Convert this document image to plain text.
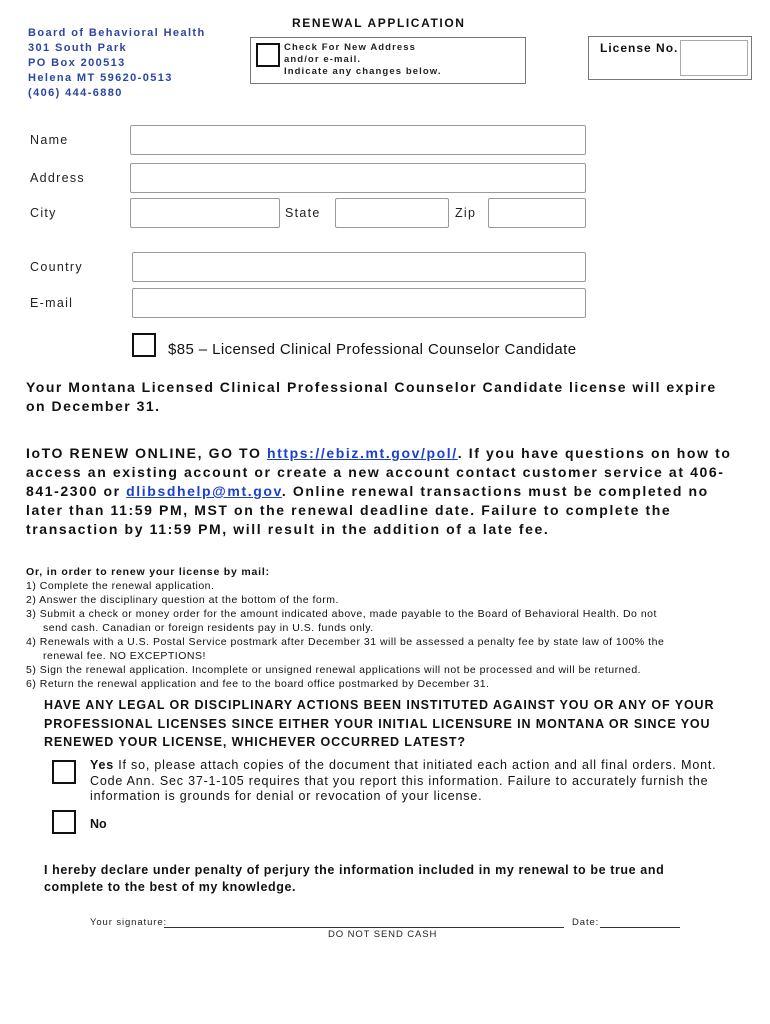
Board of Behavioral Health
301 South Park
PO Box 200513
Helena MT 59620-0513
(406) 444-6880
RENEWAL APPLICATION
Check For New Address
and/or e-mail.
Indicate any changes below.
License No.
Name
Address
City	State	Zip
Country
E-mail
$85 – Licensed Clinical Professional Counselor Candidate
Your Montana Licensed Clinical Professional Counselor Candidate license will expire on December 31.
IoTO RENEW ONLINE, GO TO https://ebiz.mt.gov/pol/. If you have questions on how to access an existing account or create a new account contact customer service at 406-841-2300 or dlibsdhelp@mt.gov. Online renewal transactions must be completed no later than 11:59 PM, MST on the renewal deadline date. Failure to complete the transaction by 11:59 PM, will result in the addition of a late fee.
Or, in order to renew your license by mail:
1) Complete the renewal application.
2) Answer the disciplinary question at the bottom of the form.
3) Submit a check or money order for the amount indicated above, made payable to the Board of Behavioral Health. Do not
send cash. Canadian or foreign residents pay in U.S. funds only.
4) Renewals with a U.S. Postal Service postmark after December 31 will be assessed a penalty fee by state law of 100% the
renewal fee. NO EXCEPTIONS!
5) Sign the renewal application. Incomplete or unsigned renewal applications will not be processed and will be returned.
6) Return the renewal application and fee to the board office postmarked by December 31.
HAVE ANY LEGAL OR DISCIPLINARY ACTIONS BEEN INSTITUTED AGAINST YOU OR ANY OF YOUR PROFESSIONAL LICENSES SINCE EITHER YOUR INITIAL LICENSURE IN MONTANA OR SINCE YOU RENEWED YOUR LICENSE, WHICHEVER OCCURRED LATEST?
Yes If so, please attach copies of the document that initiated each action and all final orders. Mont. Code Ann. Sec 37-1-105 requires that you report this information. Failure to accurately furnish the information is grounds for denial or revocation of your license.
No
I hereby declare under penalty of perjury the information included in my renewal to be true and complete to the best of my knowledge.
Your signature:	Date:
DO NOT SEND CASH
